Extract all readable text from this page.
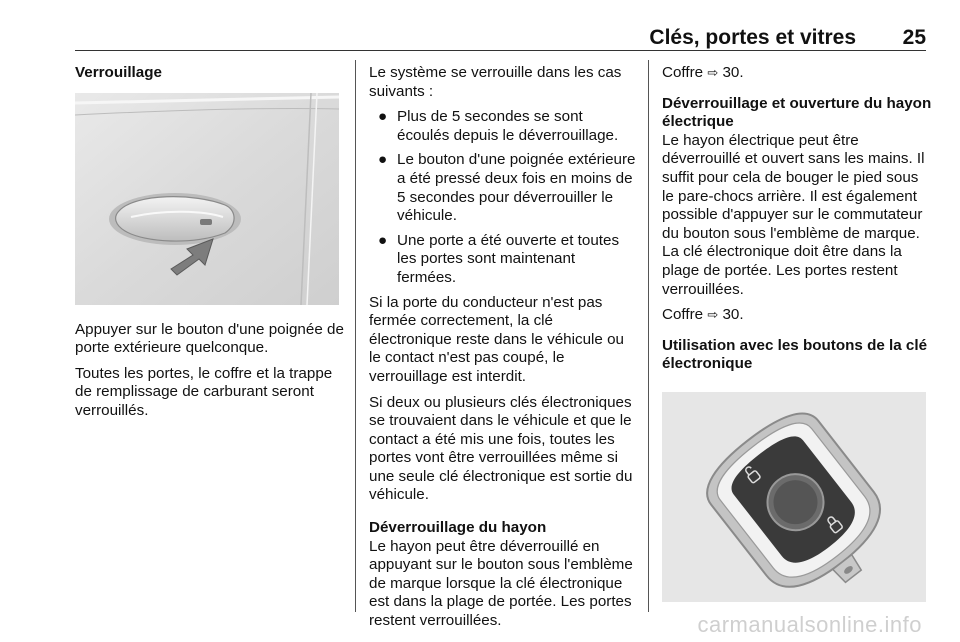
Clés, portes et vitres 25
Verrouillage

Appuyer sur le bouton d'une poignée de porte extérieure quelconque.

Toutes les portes, le coffre et la trappe de remplissage de carburant seront verrouillés.

Le système se verrouille dans les cas suivants :

● Plus de 5 secondes se sont écoulés depuis le déverrouillage.
● Le bouton d'une poignée extérieure a été pressé deux fois en moins de 5 secondes pour déverrouiller le véhicule.
● Une porte a été ouverte et toutes les portes sont maintenant fermées.

Si la porte du conducteur n'est pas fermée correctement, la clé électronique reste dans le véhicule ou le contact n'est pas coupé, le verrouillage est interdit.

Si deux ou plusieurs clés électroniques se trouvaient dans le véhicule et que le contact a été mis une fois, toutes les portes vont être verrouillées même si une seule clé électronique est sortie du véhicule.

Déverrouillage du hayon

Le hayon peut être déverrouillé en appuyant sur le bouton sous l'emblème de marque lorsque la clé électronique est dans la plage de portée. Les portes restent verrouillées.

Coffre ⇨ 30.

Déverrouillage et ouverture du hayon électrique

Le hayon électrique peut être déverrouillé et ouvert sans les mains. Il suffit pour cela de bouger le pied sous le pare-chocs arrière. Il est également possible d'appuyer sur le commutateur du bouton sous l'emblème de marque. La clé électronique doit être dans la plage de portée. Les portes restent verrouillées.

Coffre ⇨ 30.

Utilisation avec les boutons de la clé électronique
carmanualsonline.info
